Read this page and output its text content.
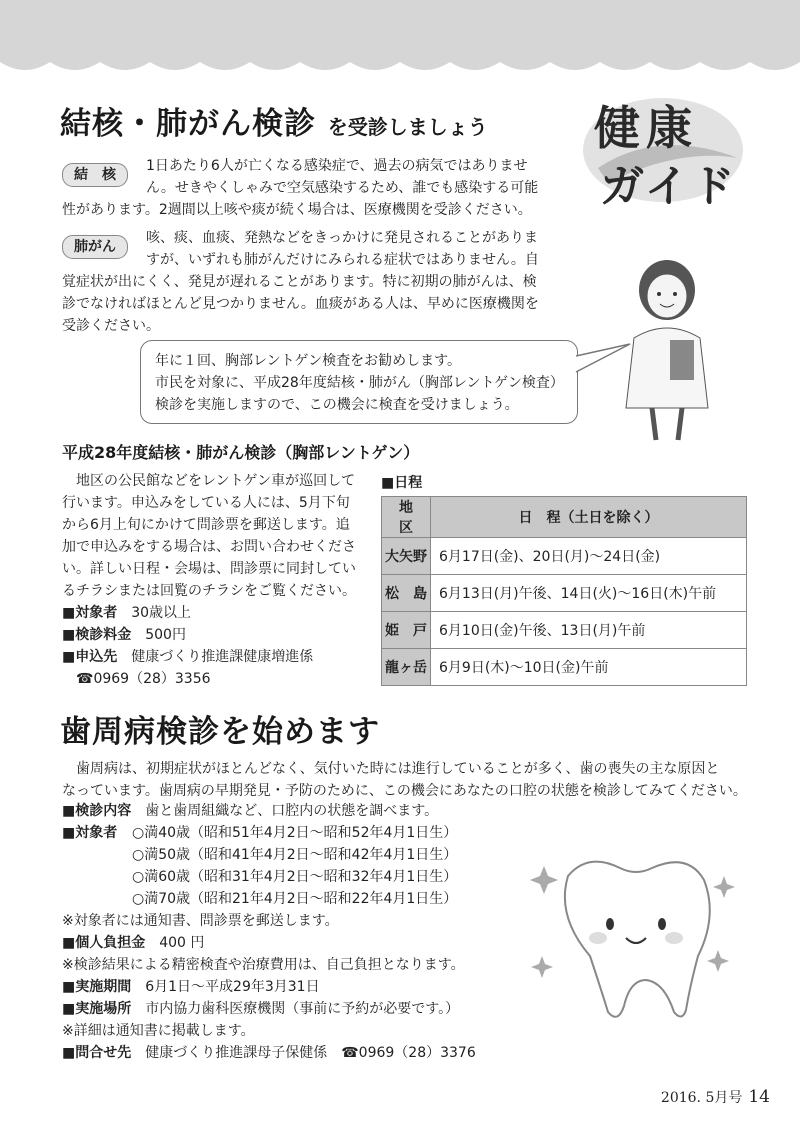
結核・肺がん検診 を受診しましょう 健康
ガイド
結　核
1日あたり6人が亡くなる感染症で、過去の病気ではありませ
ん。せきやくしゃみで空気感染するため、誰でも感染する可能
性があります。2週間以上咳や痰が続く場合は、医療機関を受診ください。
肺がん
咳、痰、血痰、発熱などをきっかけに発見されることがありま
すが、いずれも肺がんだけにみられる症状ではありません。自
覚症状が出にくく、発見が遅れることがあります。特に初期の肺がんは、検
診でなければほとんど見つかりません。血痰がある人は、早めに医療機関を
受診ください。

年に１回、胸部レントゲン検査をお勧めします。
市民を対象に、平成28年度結核・肺がん（胸部レントゲン検査）
検診を実施しますので、この機会に検査を受けましょう。

平成28年度結核・肺がん検診（胸部レントゲン）
　地区の公民館などをレントゲン車が巡回して
行います。申込みをしている人には、5月下旬
から6月上旬にかけて問診票を郵送します。追
加で申込みをする場合は、お問い合わせくださ
い。詳しい日程・会場は、問診票に同封してい
るチラシまたは回覧のチラシをご覧ください。
■対象者　 30歳以上
■検診料金　 500円
■申込先　 健康づくり推進課健康増進係
☎0969（28）3356
■日程
地　区	日　程（土日を除く）
大矢野	6月17日(金)、20日(月)～24日(金)
松　島	6月13日(月)午後、14日(火)～16日(木)午前
姫　戸	6月10日(金)午後、13日(月)午前
龍ヶ岳	6月9日(木)～10日(金)午前
歯周病検診を始めます
　歯周病は、初期症状がほとんどなく、気付いた時には進行していることが多く、歯の喪失の主な原因と
なっています。歯周病の早期発見・予防のために、この機会にあなたの口腔の状態を検診してみてください。
■検診内容　 歯と歯周組織など、口腔内の状態を調べます。
■対象者 ○満40歳（昭和51年4月2日～昭和52年4月1日生）
○満50歳（昭和41年4月2日～昭和42年4月1日生）
○満60歳（昭和31年4月2日～昭和32年4月1日生）
○満70歳（昭和21年4月2日～昭和22年4月1日生）
※対象者には通知書、問診票を郵送します。
■個人負担金　 400 円
※検診結果による精密検査や治療費用は、自己負担となります。
■実施期間　 6月1日～平成29年3月31日
■実施場所　 市内協力歯科医療機関（事前に予約が必要です。）
※詳細は通知書に掲載します。
■問合せ先　 健康づくり推進課母子保健係　☎0969（28）3376
2016. 5月号 14
